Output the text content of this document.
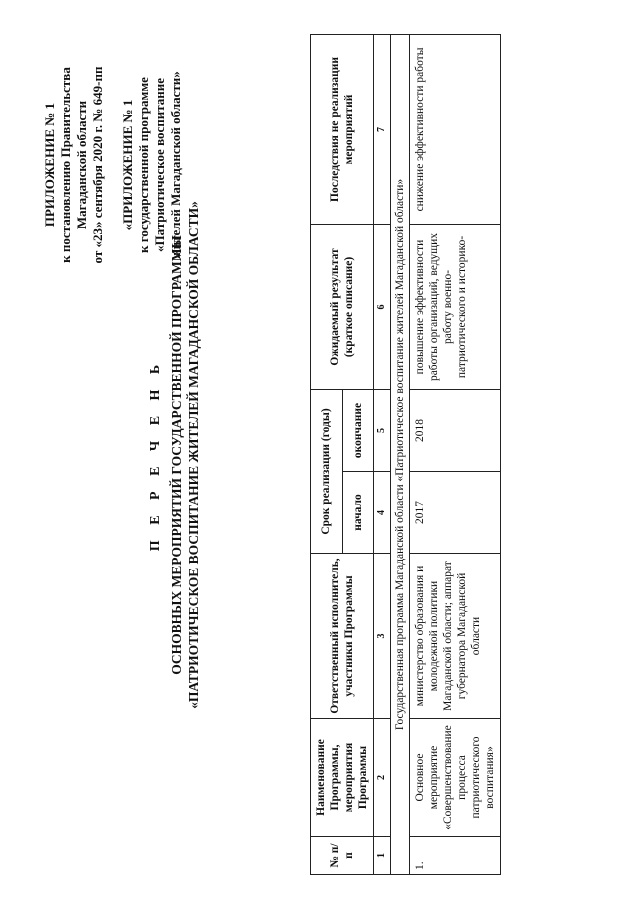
ПРИЛОЖЕНИЕ № 1 к постановлению Правительства Магаданской области от «23» сентября 2020 г. № 649-пп «ПРИЛОЖЕНИЕ № 1 к государственной программе «Патриотическое воспитание жителей Магаданской области»
П Е Р Е Ч Е Н Ь ОСНОВНЫХ МЕРОПРИЯТИЙ ГОСУДАРСТВЕННОЙ ПРОГРАММЫ «ПАТРИОТИЧЕСКОЕ ВОСПИТАНИЕ ЖИТЕЛЕЙ МАГАДАНСКОЙ ОБЛАСТИ»
№ п/п	Наименование Программы, мероприятия Программы	Ответственный исполнитель, участники Программы	Срок реализации (годы)		Ожидаемый результат (краткое описание)	Последствия не реализации мероприятий
			начало	окончание		
1	2	3	4	5	6	7
Государственная программа Магаданской области «Патриотическое воспитание жителей Магаданской области»						
1.	Основное мероприятие «Совершенствование процесса патриотического воспитания»	министерство образования и молодежной политики Магаданской области; аппарат губернатора Магаданской области	2017	2018	повышение эффективности работы организаций, ведущих работу военно-патриотического и историко-	снижение эффективности работы
